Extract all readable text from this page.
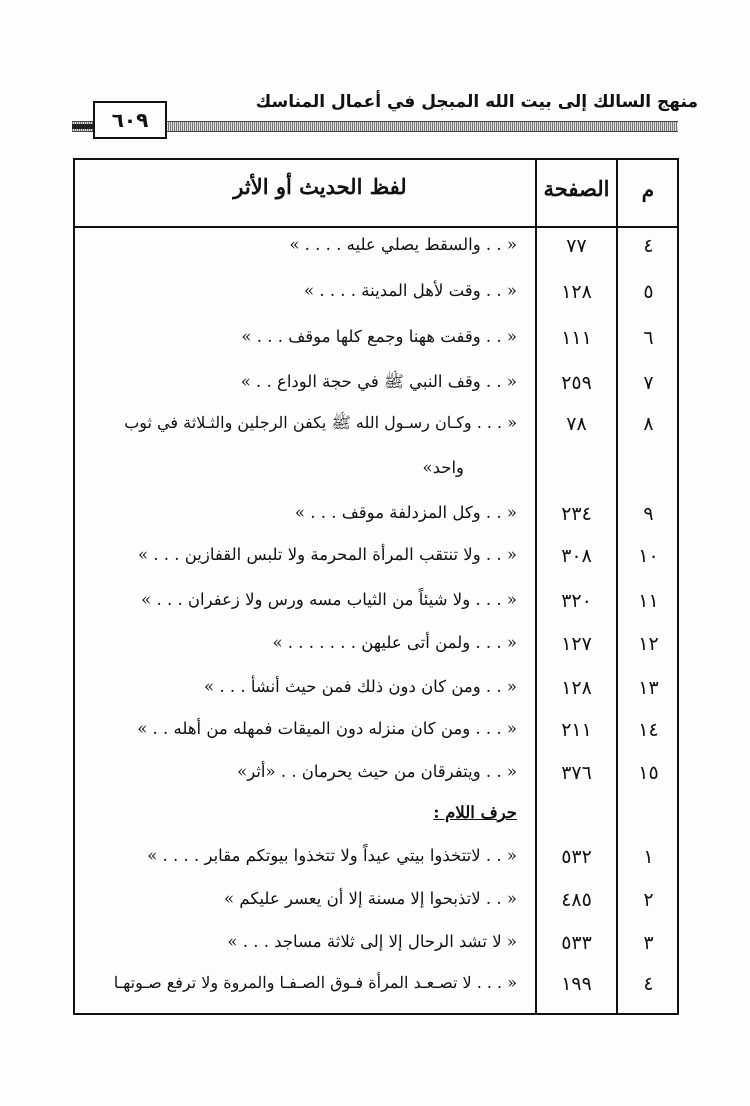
منهج السالك إلى بيت الله المبجل في أعمال المناسك
٦٠٩
م
الصفحة
لفظ الحديث أو الأثر
٤
٧٧
« . . والسقط يصلي عليه . . . . »
٥
١٢٨
« . . وقت لأهل المدينة . . . . »
٦
١١١
« . . وقفت ههنا وجمع كلها موقف . . . »
٧
٢٥٩
« . . وقف النبي ﷺ في حجة الوداع . . »
٨
٧٨
« . . . وكـان رسـول الله ﷺ يكفن الرجلين والثـلاثة في ثوب
واحد»
٩
٢٣٤
« . . وكل المزدلفة موقف . . . »
١٠
٣٠٨
« . . ولا تنتقب المرأة المحرمة ولا تلبس القفازين . . . »
١١
٣٢٠
« . . . ولا شيئاً من الثياب مسه ورس ولا زعفران . . . »
١٢
١٢٧
« . . . ولمن أتى عليهن . . . . . . . »
١٣
١٢٨
« . . ومن كان دون ذلك فمن حيث أنشأ . . . »
١٤
٢١١
« . . . ومن كان منزله دون الميقات فمهله من أهله . . »
١٥
٣٧٦
« . . ويتفرقان من حيث يحرمان . . «أثر»
حرف اللام :
١
٥٣٢
« . . لاتتخذوا بيتي عيداً ولا تتخذوا بيوتكم مقابر . . . . »
٢
٤٨٥
« . . لاتذبحوا إلا مسنة إلا أن يعسر عليكم »
٣
٥٣٣
« لا تشد الرحال إلا إلى ثلاثة مساجد . . . »
٤
١٩٩
« . . . لا تصـعـد المرأة فـوق الصـفـا والمروة ولا ترفع صـوتهـا
